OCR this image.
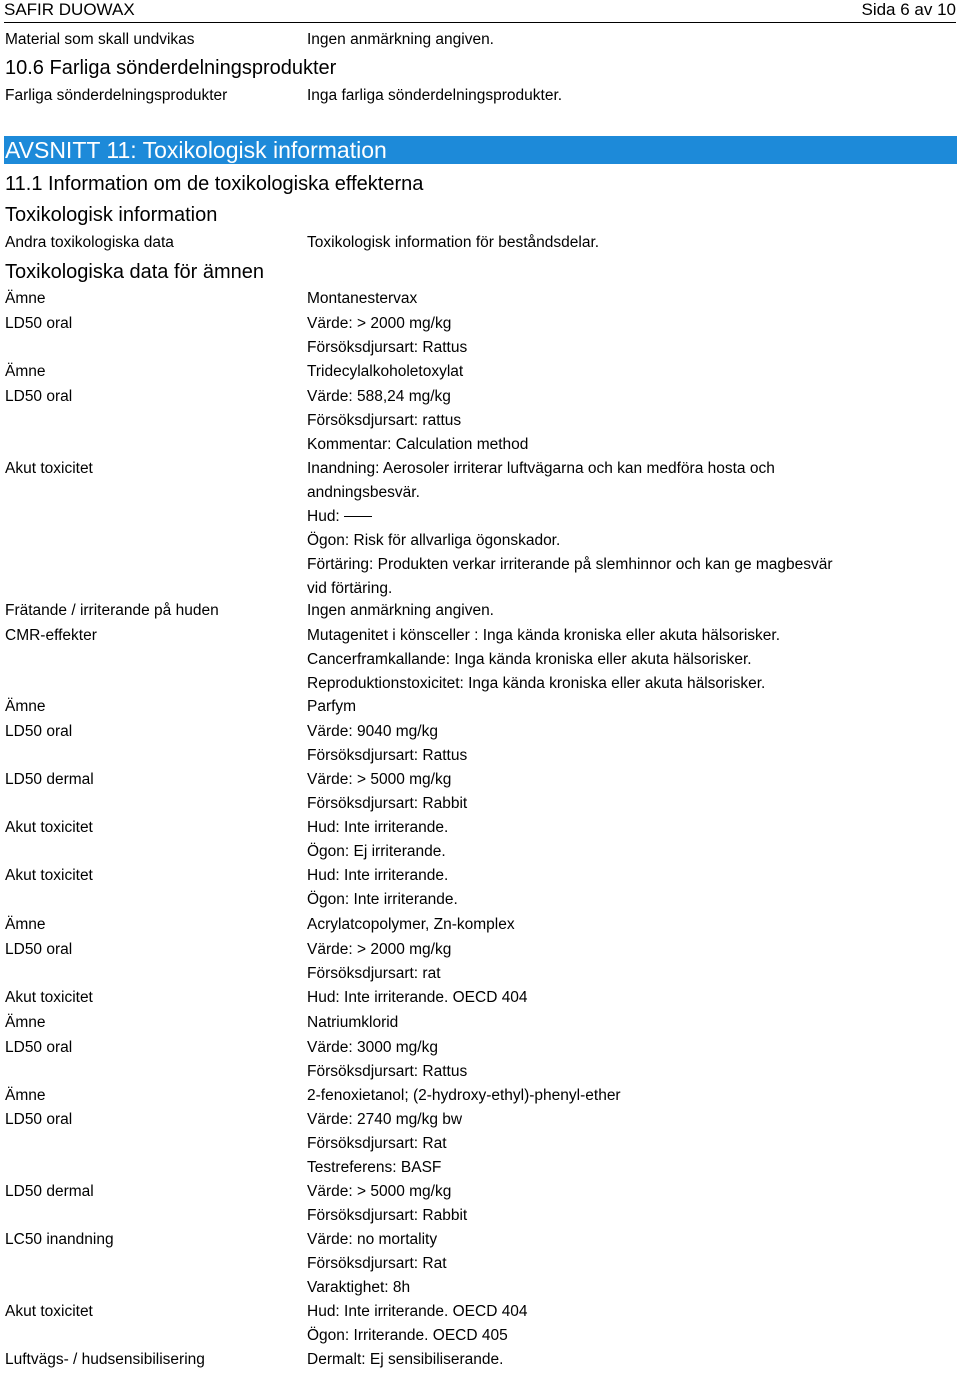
SAFIR DUOWAX	Sida 6 av 10
Material som skall undvikas	Ingen anmärkning angiven.
10.6 Farliga sönderdelningsprodukter
Farliga sönderdelningsprodukter	Inga farliga sönderdelningsprodukter.
AVSNITT 11: Toxikologisk information
11.1 Information om de toxikologiska effekterna
Toxikologisk information
Andra toxikologiska data	Toxikologisk information för beståndsdelar.
Toxikologiska data för ämnen
Ämne	Montanestervax
LD50 oral	Värde: > 2000 mg/kg
Försöksdjursart: Rattus
Ämne	Tridecylalkoholetoxylat
LD50 oral	Värde: 588,24 mg/kg
Försöksdjursart: rattus
Kommentar: Calculation method
Akut toxicitet	Inandning: Aerosoler irriterar luftvägarna och kan medföra hosta och
andningsbesvär.
Hud:
Ögon: Risk för allvarliga ögonskador.
Förtäring: Produkten verkar irriterande på slemhinnor och kan ge magbesvär
vid förtäring.
Frätande / irriterande på huden	Ingen anmärkning angiven.
CMR-effekter	Mutagenitet i könsceller : Inga kända kroniska eller akuta hälsorisker.
Cancerframkallande: Inga kända kroniska eller akuta hälsorisker.
Reproduktionstoxicitet: Inga kända kroniska eller akuta hälsorisker.
Ämne	Parfym
LD50 oral	Värde: 9040 mg/kg
Försöksdjursart: Rattus
LD50 dermal	Värde: > 5000 mg/kg
Försöksdjursart: Rabbit
Akut toxicitet	Hud: Inte irriterande.
Ögon: Ej irriterande.
Akut toxicitet	Hud: Inte irriterande.
Ögon: Inte irriterande.
Ämne	Acrylatcopolymer, Zn-komplex
LD50 oral	Värde: > 2000 mg/kg
Försöksdjursart: rat
Akut toxicitet	Hud: Inte irriterande. OECD 404
Ämne	Natriumklorid
LD50 oral	Värde: 3000 mg/kg
Försöksdjursart: Rattus
Ämne	2-fenoxietanol; (2-hydroxy-ethyl)-phenyl-ether
LD50 oral	Värde: 2740 mg/kg bw
Försöksdjursart: Rat
Testreferens: BASF
LD50 dermal	Värde: > 5000 mg/kg
Försöksdjursart: Rabbit
LC50 inandning	Värde: no mortality
Försöksdjursart: Rat
Varaktighet: 8h
Akut toxicitet	Hud: Inte irriterande. OECD 404
Ögon: Irriterande. OECD 405
Luftvägs- / hudsensibilisering	Dermalt: Ej sensibiliserande.
